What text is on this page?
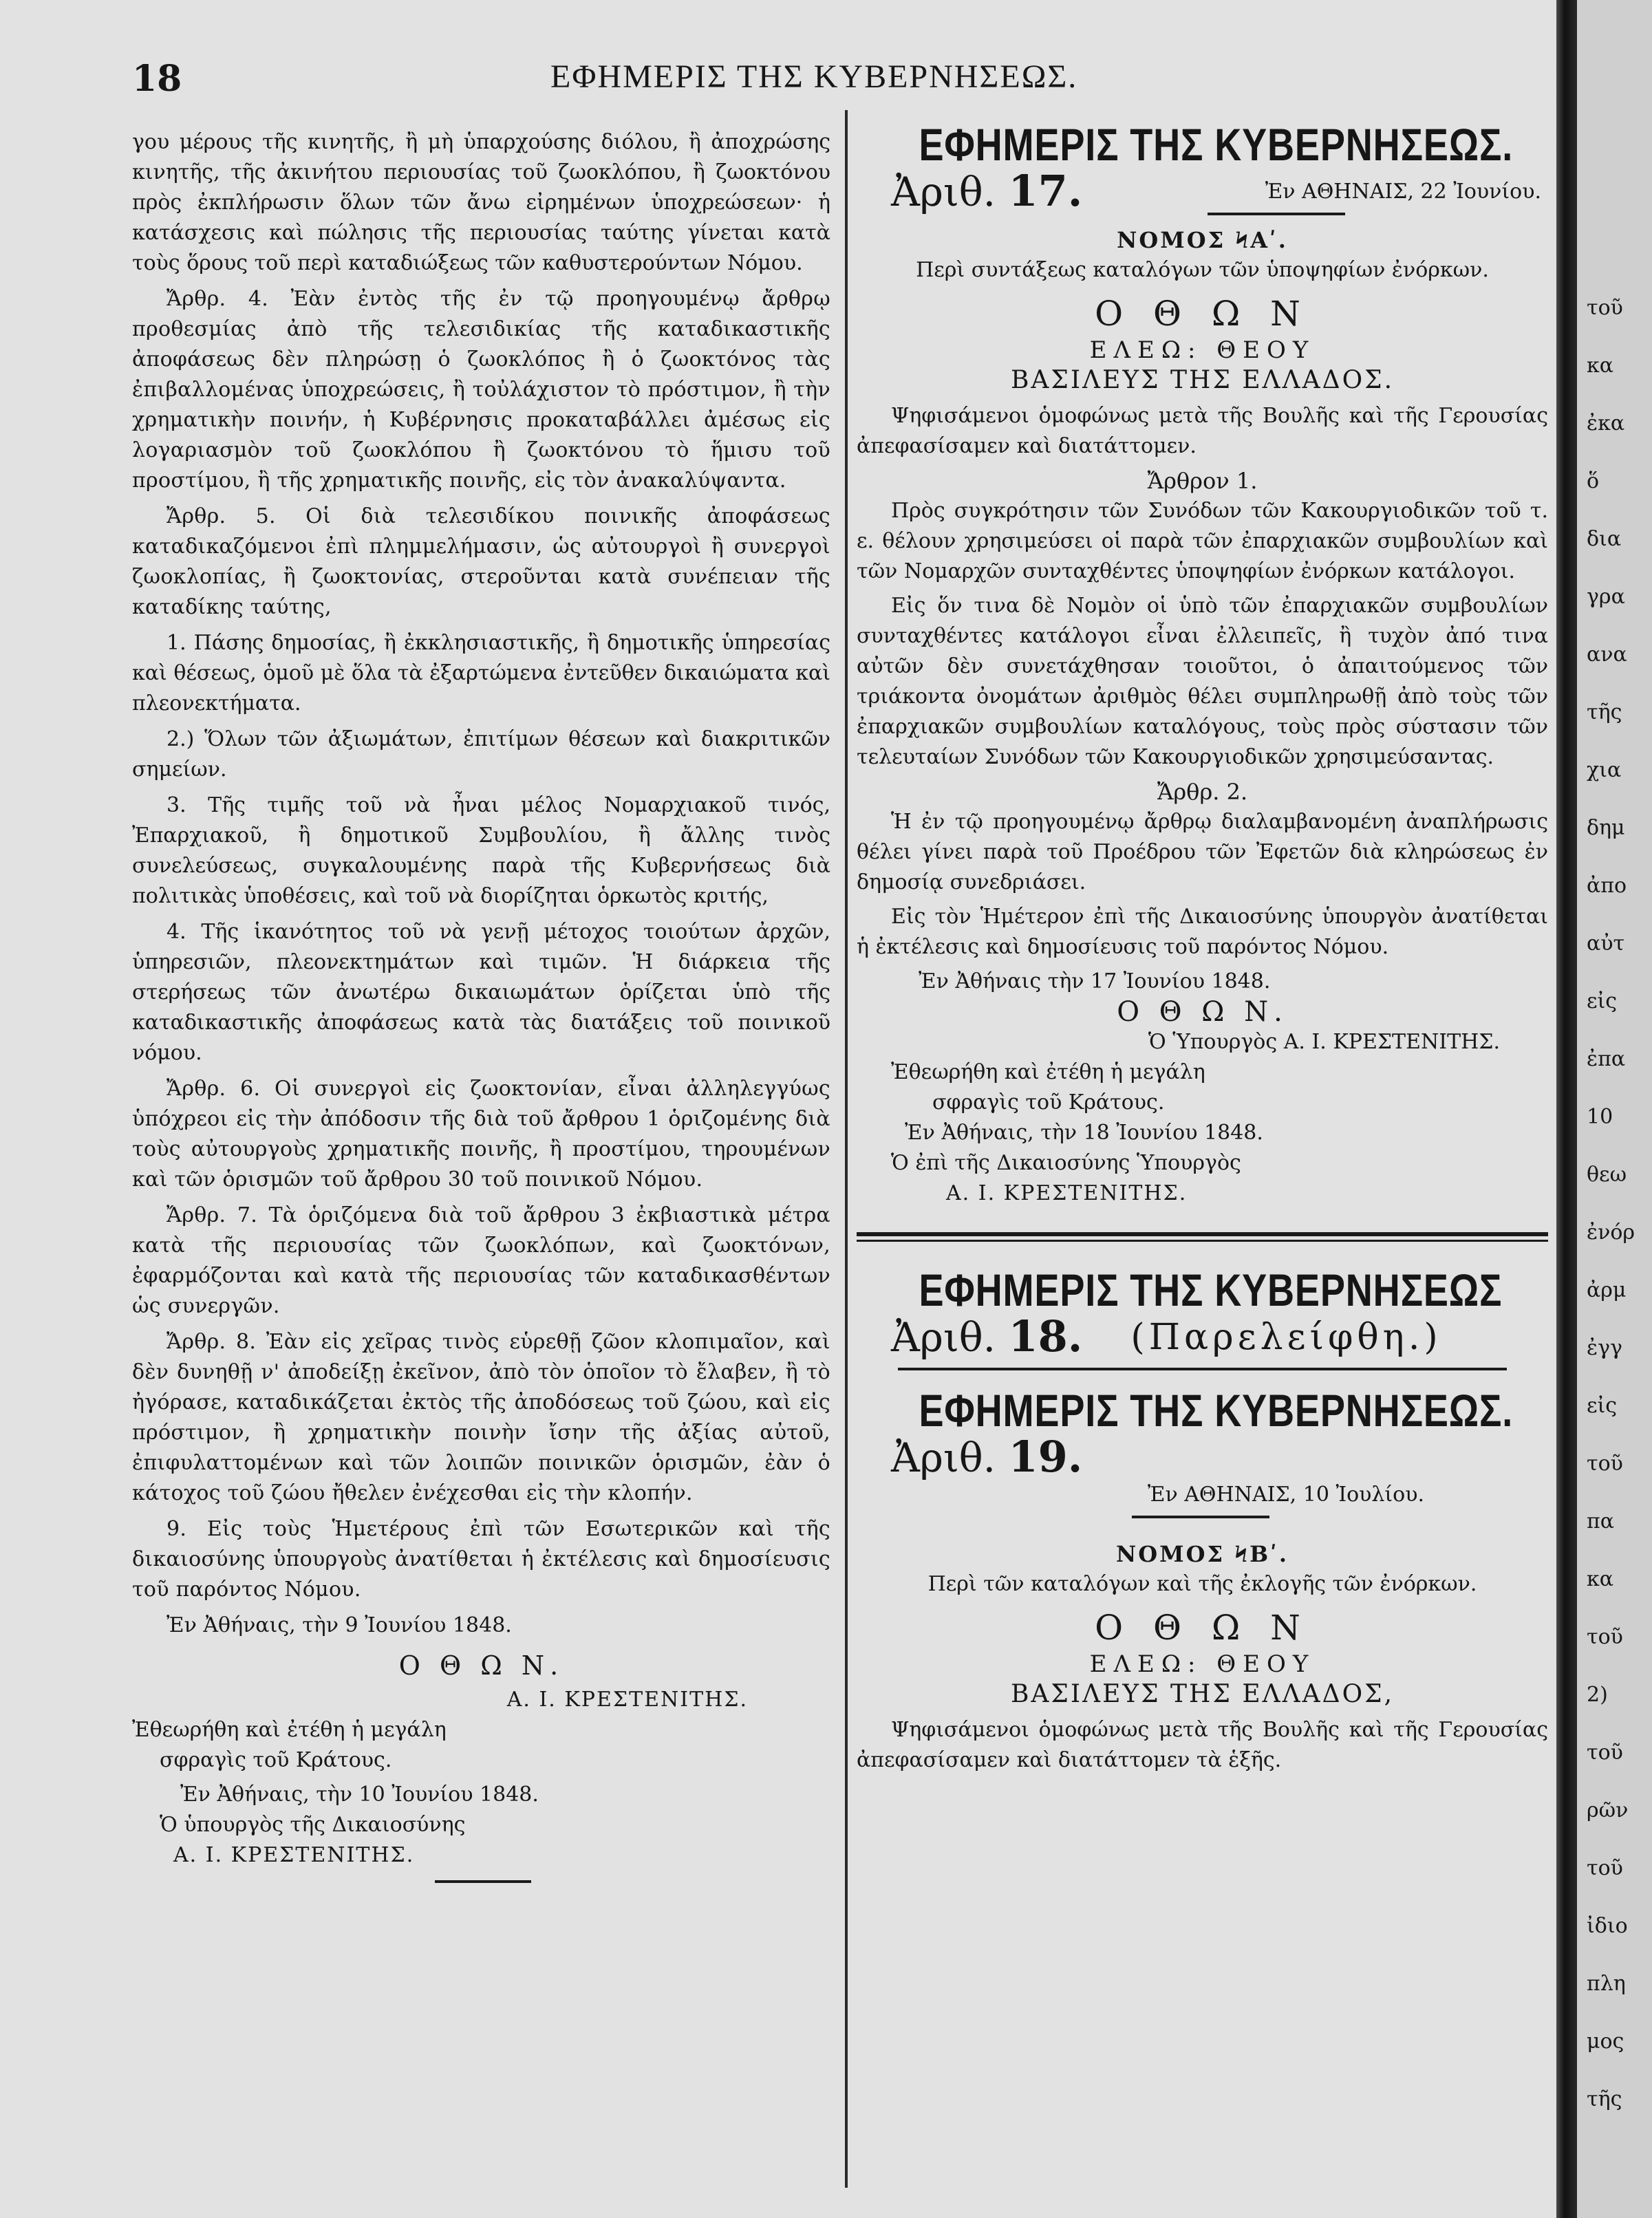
18	ΕΦΗΜΕΡΙΣ ΤΗΣ ΚΥΒΕΡΝΗΣΕΩΣ.

γου μέρους τῆς κινητῆς, ἢ μὴ ὑπαρχούσης διόλου, ἢ ἀποχρώσης κινητῆς, τῆς ἀκινήτου περιουσίας τοῦ ζωοκλόπου, ἢ ζωοκτόνου πρὸς ἐκπλήρωσιν ὅλων τῶν ἄνω εἰρημένων ὑποχρεώσεων· ἡ κατάσχεσις καὶ πώλησις τῆς περιουσίας ταύτης γίνεται κατὰ τοὺς ὅρους τοῦ περὶ καταδιώξεως τῶν καθυστερούντων Νόμου.

Ἄρθρ. 4. Ἐὰν ἐντὸς τῆς ἐν τῷ προηγουμένῳ ἄρθρῳ προθεσμίας ἀπὸ τῆς τελεσιδικίας τῆς καταδικαστικῆς ἀποφάσεως δὲν πληρώσῃ ὁ ζωοκλόπος ἢ ὁ ζωοκτόνος τὰς ἐπιβαλλομένας ὑποχρεώσεις, ἢ τοὐλάχιστον τὸ πρόστιμον, ἢ τὴν χρηματικὴν ποινήν, ἡ Κυβέρνησις προκαταβάλλει ἀμέσως εἰς λογαριασμὸν τοῦ ζωοκλόπου ἢ ζωοκτόνου τὸ ἥμισυ τοῦ προστίμου, ἢ τῆς χρηματικῆς ποινῆς, εἰς τὸν ἀνακαλύψαντα.

Ἄρθρ. 5. Οἱ διὰ τελεσιδίκου ποινικῆς ἀποφάσεως καταδικαζόμενοι ἐπὶ πλημμελήμασιν, ὡς αὐτουργοὶ ἢ συνεργοὶ ζωοκλοπίας, ἢ ζωοκτονίας, στεροῦνται κατὰ συνέπειαν τῆς καταδίκης ταύτης,

1. Πάσης δημοσίας, ἢ ἐκκλησιαστικῆς, ἢ δημοτικῆς ὑπηρεσίας καὶ θέσεως, ὁμοῦ μὲ ὅλα τὰ ἐξαρτώμενα ἐντεῦθεν δικαιώματα καὶ πλεονεκτήματα.

2.) Ὅλων τῶν ἀξιωμάτων, ἐπιτίμων θέσεων καὶ διακριτικῶν σημείων.

3. Τῆς τιμῆς τοῦ νὰ ἦναι μέλος Νομαρχιακοῦ τινός, Ἐπαρχιακοῦ, ἢ δημοτικοῦ Συμβουλίου, ἢ ἄλλης τινὸς συνελεύσεως, συγκαλουμένης παρὰ τῆς Κυβερνήσεως διὰ πολιτικὰς ὑποθέσεις, καὶ τοῦ νὰ διορίζηται ὁρκωτὸς κριτής,

4. Τῆς ἱκανότητος τοῦ νὰ γενῇ μέτοχος τοιούτων ἀρχῶν, ὑπηρεσιῶν, πλεονεκτημάτων καὶ τιμῶν. Ἡ διάρκεια τῆς στερήσεως τῶν ἀνωτέρω δικαιωμάτων ὁρίζεται ὑπὸ τῆς καταδικαστικῆς ἀποφάσεως κατὰ τὰς διατάξεις τοῦ ποινικοῦ νόμου.

Ἄρθρ. 6. Οἱ συνεργοὶ εἰς ζωοκτονίαν, εἶναι ἀλληλεγγύως ὑπόχρεοι εἰς τὴν ἀπόδοσιν τῆς διὰ τοῦ ἄρθρου 1 ὁριζομένης διὰ τοὺς αὐτουργοὺς χρηματικῆς ποινῆς, ἢ προστίμου, τηρουμένων καὶ τῶν ὁρισμῶν τοῦ ἄρθρου 30 τοῦ ποινικοῦ Νόμου.

Ἄρθρ. 7. Τὰ ὁριζόμενα διὰ τοῦ ἄρθρου 3 ἐκβιαστικὰ μέτρα κατὰ τῆς περιουσίας τῶν ζωοκλόπων, καὶ ζωοκτόνων, ἐφαρμόζονται καὶ κατὰ τῆς περιουσίας τῶν καταδικασθέντων ὡς συνεργῶν.

Ἄρθρ. 8. Ἐὰν εἰς χεῖρας τινὸς εὑρεθῇ ζῶον κλοπιμαῖον, καὶ δὲν δυνηθῇ ν' ἀποδείξῃ ἐκεῖνον, ἀπὸ τὸν ὁποῖον τὸ ἔλαβεν, ἢ τὸ ἠγόρασε, καταδικάζεται ἐκτὸς τῆς ἀποδόσεως τοῦ ζώου, καὶ εἰς πρόστιμον, ἢ χρηματικὴν ποινὴν ἴσην τῆς ἀξίας αὐτοῦ, ἐπιφυλαττομένων καὶ τῶν λοιπῶν ποινικῶν ὁρισμῶν, ἐὰν ὁ κάτοχος τοῦ ζώου ἤθελεν ἐνέχεσθαι εἰς τὴν κλοπήν.

9. Εἰς τοὺς Ἡμετέρους ἐπὶ τῶν Εσωτερικῶν καὶ τῆς δικαιοσύνης ὑπουργοὺς ἀνατίθεται ἡ ἐκτέλεσις καὶ δημοσίευσις τοῦ παρόντος Νόμου.

Ἐν Ἀθήναις, τὴν 9 Ἰουνίου 1848.

Ο Θ Ω Ν.
Α. Ι. ΚΡΕΣΤΕΝΙΤΗΣ.
Ἐθεωρήθη καὶ ἐτέθη ἡ μεγάλη
σφραγὶς τοῦ Κράτους.
Ἐν Ἀθήναις, τὴν 10 Ἰουνίου 1848.
Ὁ ὑπουργὸς τῆς Δικαιοσύνης
Α. Ι. ΚΡΕΣΤΕΝΙΤΗΣ.
ΕΦΗΜΕΡΙΣ ΤΗΣ ΚΥΒΕΡΝΗΣΕΩΣ.
Ἀριθ. 17.	Ἐν ΑΘΗΝΑΙΣ, 22 Ἰουνίου.
ΝΟΜΟΣ ϞΑʹ.
Περὶ συντάξεως καταλόγων τῶν ὑποψηφίων ἐνόρκων.
Ο Θ Ω Ν
ΕΛΕΩ: ΘΕΟΥ
ΒΑΣΙΛΕΥΣ ΤΗΣ ΕΛΛΑΔΟΣ.

Ψηφισάμενοι ὁμοφώνως μετὰ τῆς Βουλῆς καὶ τῆς Γερουσίας ἀπεφασίσαμεν καὶ διατάττομεν.

Ἄρθρον 1.

Πρὸς συγκρότησιν τῶν Συνόδων τῶν Κακουργιοδικῶν τοῦ τ. ε. θέλουν χρησιμεύσει οἱ παρὰ τῶν ἐπαρχιακῶν συμβουλίων καὶ τῶν Νομαρχῶν συνταχθέντες ὑποψηφίων ἐνόρκων κατάλογοι.

Εἰς ὅν τινα δὲ Νομὸν οἱ ὑπὸ τῶν ἐπαρχιακῶν συμβουλίων συνταχθέντες κατάλογοι εἶναι ἐλλειπεῖς, ἢ τυχὸν ἀπό τινα αὐτῶν δὲν συνετάχθησαν τοιοῦτοι, ὁ ἀπαιτούμενος τῶν τριάκοντα ὀνομάτων ἀριθμὸς θέλει συμπληρωθῇ ἀπὸ τοὺς τῶν ἐπαρχιακῶν συμβουλίων καταλόγους, τοὺς πρὸς σύστασιν τῶν τελευταίων Συνόδων τῶν Κακουργιοδικῶν χρησιμεύσαντας.

Ἄρθρ. 2.

Ἡ ἐν τῷ προηγουμένῳ ἄρθρῳ διαλαμβανομένη ἀναπλήρωσις θέλει γίνει παρὰ τοῦ Προέδρου τῶν Ἐφετῶν διὰ κληρώσεως ἐν δημοσίᾳ συνεδριάσει.

Εἰς τὸν Ἡμέτερον ἐπὶ τῆς Δικαιοσύνης ὑπουργὸν ἀνατίθεται ἡ ἐκτέλεσις καὶ δημοσίευσις τοῦ παρόντος Νόμου.

Ἐν Ἀθήναις τὴν 17 Ἰουνίου 1848.
Ο Θ Ω Ν.
Ὁ Ὑπουργὸς Α. Ι. ΚΡΕΣΤΕΝΙΤΗΣ.
Ἐθεωρήθη καὶ ἐτέθη ἡ μεγάλη
σφραγὶς τοῦ Κράτους.
Ἐν Ἀθήναις, τὴν 18 Ἰουνίου 1848.
Ὁ ἐπὶ τῆς Δικαιοσύνης Ὑπουργὸς
Α. Ι. ΚΡΕΣΤΕΝΙΤΗΣ.
ΕΦΗΜΕΡΙΣ ΤΗΣ ΚΥΒΕΡΝΗΣΕΩΣ
Ἀριθ. 18.	(Παρελείφθη.)
ΕΦΗΜΕΡΙΣ ΤΗΣ ΚΥΒΕΡΝΗΣΕΩΣ.
Ἀριθ. 19.
Ἐν ΑΘΗΝΑΙΣ, 10 Ἰουλίου.
ΝΟΜΟΣ ϞΒʹ.
Περὶ τῶν καταλόγων καὶ τῆς ἐκλογῆς τῶν ἐνόρκων.
Ο Θ Ω Ν
ΕΛΕΩ: ΘΕΟΥ
ΒΑΣΙΛΕΥΣ ΤΗΣ ΕΛΛΑΔΟΣ,

Ψηφισάμενοι ὁμοφώνως μετὰ τῆς Βουλῆς καὶ τῆς Γερουσίας ἀπεφασίσαμεν καὶ διατάττομεν τὰ ἑξῆς.

τοῦ
κα
ἐκα
ὅ
δια
γρα
ανα
τῆς
χια
δημ
ἀπο
αὐτ
εἰς
ἐπα
10
θεω
ἐνόρ
ἀρμ
ἐγγ
εἰς
τοῦ
πα
κα
τοῦ
2)
τοῦ
ρῶν
τοῦ
ἰδιο
πλη
μος
τῆς
